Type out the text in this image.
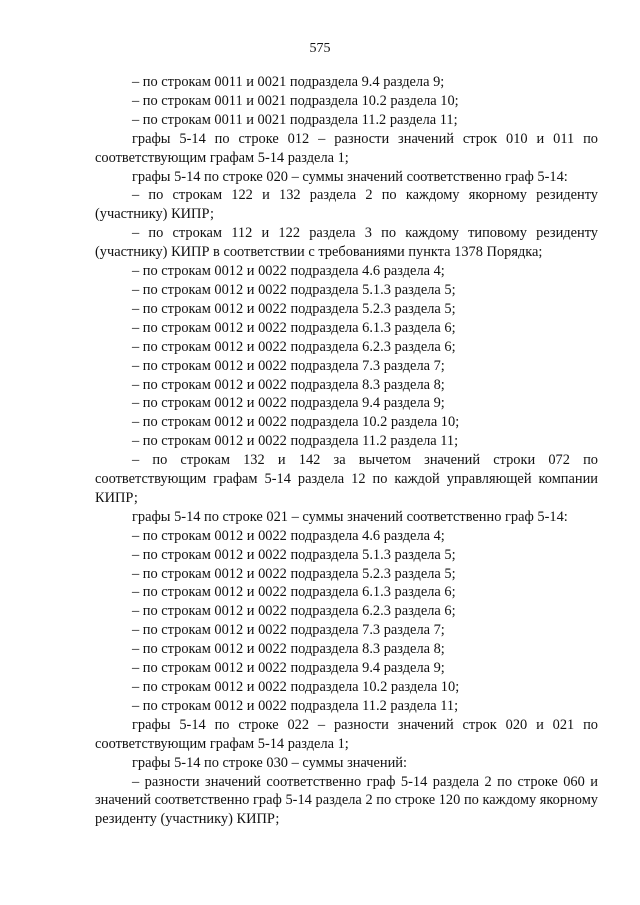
575

– по строкам 0011 и 0021 подраздела 9.4 раздела 9;

– по строкам 0011 и 0021 подраздела 10.2 раздела 10;

– по строкам 0011 и 0021 подраздела 11.2 раздела 11;

графы 5-14 по строке 012 – разности значений строк 010 и 011 по соответствующим графам 5-14 раздела 1;

графы 5-14 по строке 020 – суммы значений соответственно граф 5-14:

– по строкам 122 и 132 раздела 2 по каждому якорному резиденту (участнику) КИПР;

– по строкам 112 и 122 раздела 3 по каждому типовому резиденту (участнику) КИПР в соответствии с требованиями пункта 1378 Порядка;

– по строкам 0012 и 0022 подраздела 4.6 раздела 4;

– по строкам 0012 и 0022 подраздела 5.1.3 раздела 5;

– по строкам 0012 и 0022 подраздела 5.2.3 раздела 5;

– по строкам 0012 и 0022 подраздела 6.1.3 раздела 6;

– по строкам 0012 и 0022 подраздела 6.2.3 раздела 6;

– по строкам 0012 и 0022 подраздела 7.3 раздела 7;

– по строкам 0012 и 0022 подраздела 8.3 раздела 8;

– по строкам 0012 и 0022 подраздела 9.4 раздела 9;

– по строкам 0012 и 0022 подраздела 10.2 раздела 10;

– по строкам 0012 и 0022 подраздела 11.2 раздела 11;

– по строкам 132 и 142 за вычетом значений строки 072 по соответствующим графам 5-14 раздела 12 по каждой управляющей компании КИПР;

графы 5-14 по строке 021 – суммы значений соответственно граф 5-14:

– по строкам 0012 и 0022 подраздела 4.6 раздела 4;

– по строкам 0012 и 0022 подраздела 5.1.3 раздела 5;

– по строкам 0012 и 0022 подраздела 5.2.3 раздела 5;

– по строкам 0012 и 0022 подраздела 6.1.3 раздела 6;

– по строкам 0012 и 0022 подраздела 6.2.3 раздела 6;

– по строкам 0012 и 0022 подраздела 7.3 раздела 7;

– по строкам 0012 и 0022 подраздела 8.3 раздела 8;

– по строкам 0012 и 0022 подраздела 9.4 раздела 9;

– по строкам 0012 и 0022 подраздела 10.2 раздела 10;

– по строкам 0012 и 0022 подраздела 11.2 раздела 11;

графы 5-14 по строке 022 – разности значений строк 020 и 021 по соответствующим графам 5-14 раздела 1;

графы 5-14 по строке 030 – суммы значений:

– разности значений соответственно граф 5-14 раздела 2 по строке 060 и значений соответственно граф 5-14 раздела 2 по строке 120 по каждому якорному резиденту (участнику) КИПР;
